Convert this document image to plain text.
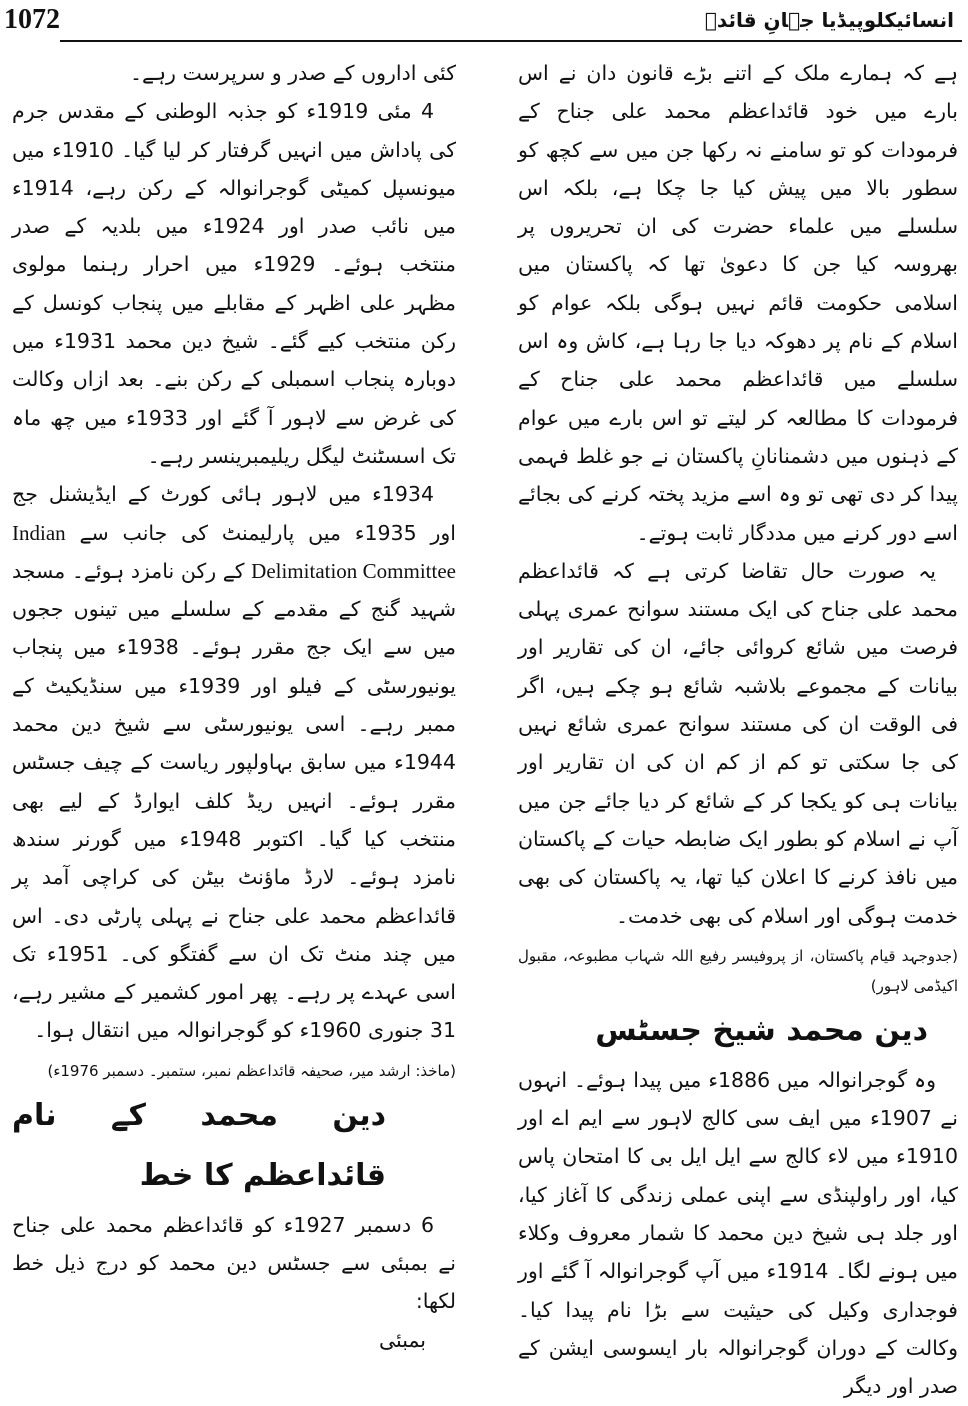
1072	انسائیکلوپیڈیا جہانِ قائدؒ

ہے کہ ہمارے ملک کے اتنے بڑے قانون دان نے اس بارے میں خود قائداعظم محمد علی جناح کے فرمودات کو تو سامنے نہ رکھا جن میں سے کچھ کو سطور بالا میں پیش کیا جا چکا ہے، بلکہ اس سلسلے میں علماء حضرت کی ان تحریروں پر بھروسہ کیا جن کا دعویٰ تھا کہ پاکستان میں اسلامی حکومت قائم نہیں ہوگی بلکہ عوام کو اسلام کے نام پر دھوکہ دیا جا رہا ہے، کاش وہ اس سلسلے میں قائداعظم محمد علی جناح کے فرمودات کا مطالعہ کر لیتے تو اس بارے میں عوام کے ذہنوں میں دشمنانانِ پاکستان نے جو غلط فہمی پیدا کر دی تھی تو وہ اسے مزید پختہ کرنے کی بجائے اسے دور کرنے میں مددگار ثابت ہوتے۔

یہ صورت حال تقاضا کرتی ہے کہ قائداعظم محمد علی جناح کی ایک مستند سوانح عمری پہلی فرصت میں شائع کروائی جائے، ان کی تقاریر اور بیانات کے مجموعے بلاشبہ شائع ہو چکے ہیں، اگر فی الوقت ان کی مستند سوانح عمری شائع نہیں کی جا سکتی تو کم از کم ان کی ان تقاریر اور بیانات ہی کو یکجا کر کے شائع کر دیا جائے جن میں آپ نے اسلام کو بطور ایک ضابطہ حیات کے پاکستان میں نافذ کرنے کا اعلان کیا تھا، یہ پاکستان کی بھی خدمت ہوگی اور اسلام کی بھی خدمت۔

(جدوجہد قیام پاکستان، از پروفیسر رفیع اللہ شہاب مطبوعہ، مقبول اکیڈمی لاہور)

دین محمد شیخ جسٹس

وہ گوجرانوالہ میں 1886ء میں پیدا ہوئے۔ انہوں نے 1907ء میں ایف سی کالج لاہور سے ایم اے اور 1910ء میں لاء کالج سے ایل ایل بی کا امتحان پاس کیا، اور راولپنڈی سے اپنی عملی زندگی کا آغاز کیا، اور جلد ہی شیخ دین محمد کا شمار معروف وکلاء میں ہونے لگا۔ 1914ء میں آپ گوجرانوالہ آ گئے اور فوجداری وکیل کی حیثیت سے بڑا نام پیدا کیا۔ وکالت کے دوران گوجرانوالہ بار ایسوسی ایشن کے صدر اور دیگر

کئی اداروں کے صدر و سرپرست رہے۔

4 مئی 1919ء کو جذبہ الوطنی کے مقدس جرم کی پاداش میں انہیں گرفتار کر لیا گیا۔ 1910ء میں میونسپل کمیٹی گوجرانوالہ کے رکن رہے، 1914ء میں نائب صدر اور 1924ء میں بلدیہ کے صدر منتخب ہوئے۔ 1929ء میں احرار رہنما مولوی مظہر علی اظہر کے مقابلے میں پنجاب کونسل کے رکن منتخب کیے گئے۔ شیخ دین محمد 1931ء میں دوبارہ پنجاب اسمبلی کے رکن بنے۔ بعد ازاں وکالت کی غرض سے لاہور آ گئے اور 1933ء میں چھ ماہ تک اسسٹنٹ لیگل ریلیمبرینسر رہے۔

1934ء میں لاہور ہائی کورٹ کے ایڈیشنل جج اور 1935ء میں پارلیمنٹ کی جانب سے Indian Delimitation Committee کے رکن نامزد ہوئے۔ مسجد شہید گنج کے مقدمے کے سلسلے میں تینوں ججوں میں سے ایک جج مقرر ہوئے۔ 1938ء میں پنجاب یونیورسٹی کے فیلو اور 1939ء میں سنڈیکیٹ کے ممبر رہے۔ اسی یونیورسٹی سے شیخ دین محمد 1944ء میں سابق بہاولپور ریاست کے چیف جسٹس مقرر ہوئے۔ انہیں ریڈ کلف ایوارڈ کے لیے بھی منتخب کیا گیا۔ اکتوبر 1948ء میں گورنر سندھ نامزد ہوئے۔ لارڈ ماؤنٹ بیٹن کی کراچی آمد پر قائداعظم محمد علی جناح نے پہلی پارٹی دی۔ اس میں چند منٹ تک ان سے گفتگو کی۔ 1951ء تک اسی عہدے پر رہے۔ پھر امور کشمیر کے مشیر رہے، 31 جنوری 1960ء کو گوجرانوالہ میں انتقال ہوا۔

(ماخذ: ارشد میر، صحیفہ قائداعظم نمبر، ستمبر۔ دسمبر 1976ء)

دین محمد کے نام قائداعظم کا خط

6 دسمبر 1927ء کو قائداعظم محمد علی جناح نے بمبئی سے جسٹس دین محمد کو درج ذیل خط لکھا:

بمبئی
